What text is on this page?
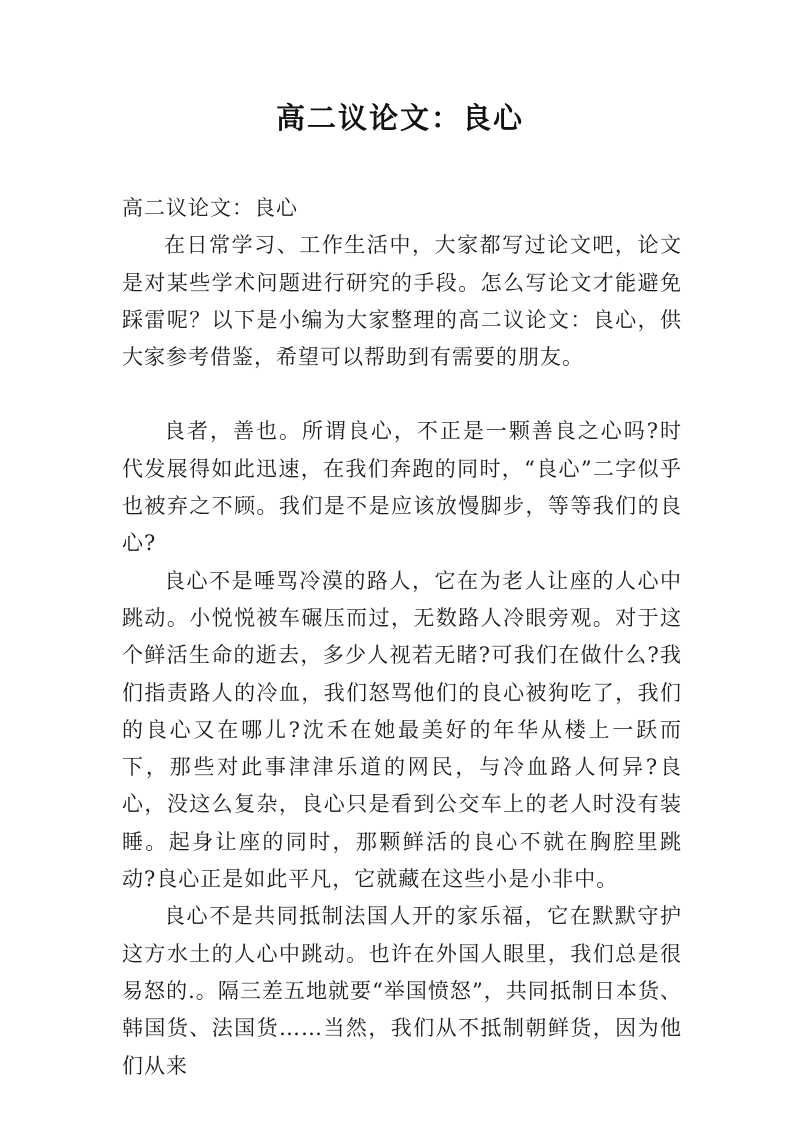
高二议论文：良心

高二议论文：良心

在日常学习、工作生活中，大家都写过论文吧，论文是对某些学术问题进行研究的手段。怎么写论文才能避免踩雷呢？以下是小编为大家整理的高二议论文：良心，供大家参考借鉴，希望可以帮助到有需要的朋友。

良者，善也。所谓良心，不正是一颗善良之心吗?时代发展得如此迅速，在我们奔跑的同时，“良心”二字似乎也被弃之不顾。我们是不是应该放慢脚步，等等我们的良心?

良心不是唾骂冷漠的路人，它在为老人让座的人心中跳动。小悦悦被车碾压而过，无数路人冷眼旁观。对于这个鲜活生命的逝去，多少人视若无睹?可我们在做什么?我们指责路人的冷血，我们怒骂他们的良心被狗吃了，我们的良心又在哪儿?沈禾在她最美好的年华从楼上一跃而下，那些对此事津津乐道的网民，与冷血路人何异?良心，没这么复杂，良心只是看到公交车上的老人时没有装睡。起身让座的同时，那颗鲜活的良心不就在胸腔里跳动?良心正是如此平凡，它就藏在这些小是小非中。

良心不是共同抵制法国人开的家乐福，它在默默守护这方水土的人心中跳动。也许在外国人眼里，我们总是很易怒的.。隔三差五地就要“举国愤怒”，共同抵制日本货、韩国货、法国货……当然，我们从不抵制朝鲜货，因为他们从来
